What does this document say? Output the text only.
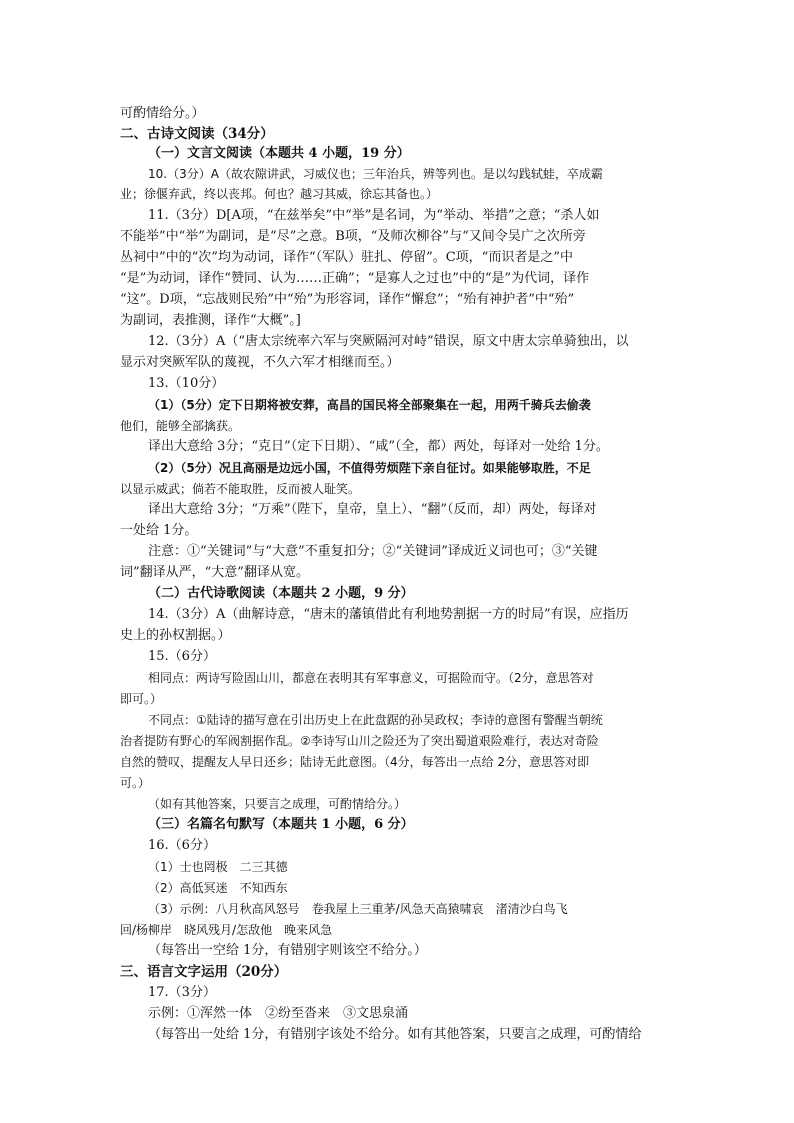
可酌情给分。）
二、古诗文阅读（34分）
（一）文言文阅读（本题共 4 小题，19 分）
10.（3分）A（故农隙讲武，习威仪也；三年治兵，辨等列也。是以勾践轼蛙，卒成霸
业；徐偃弃武，终以丧邦。何也？越习其威，徐忘其备也。）
11.（3分）D[A项，“在兹举矣”中“举”是名词，为“举动、举措”之意；“杀人如
不能举”中“举”为副词，是“尽”之意。B项，“及师次柳谷”与“又间令吴广之次所旁
丛祠中”中的“次”均为动词，译作“（军队）驻扎、停留”。C项，“而识者是之”中
“是”为动词，译作“赞同、认为……正确”；“是寡人之过也”中的“是”为代词，译作
“这”。D项，“忘战则民殆”中“殆”为形容词，译作“懈怠”；“殆有神护者”中“殆”
为副词，表推测，译作“大概”。]
12.（3分）A（“唐太宗统率六军与突厥隔河对峙”错误，原文中唐太宗单骑独出，以
显示对突厥军队的蔑视，不久六军才相继而至。）
13.（10分）
（1）（5分）定下日期将被安葬，高昌的国民将全部聚集在一起，用两千骑兵去偷袭
他们，能够全部擒获。
译出大意给 3分；“克日”（定下日期）、“咸”（全，都）两处，每译对一处给 1分。
（2）（5分）况且高丽是边远小国，不值得劳烦陛下亲自征讨。如果能够取胜，不足
以显示威武；倘若不能取胜，反而被人耻笑。
译出大意给 3分；“万乘”（陛下，皇帝，皇上）、“翻”（反而，却）两处，每译对
一处给 1分。
注意：①“关键词”与“大意”不重复扣分；②“关键词”译成近义词也可；③“关键
词”翻译从严，“大意”翻译从宽。
（二）古代诗歌阅读（本题共 2 小题，9 分）
14.（3分）A（曲解诗意，“唐末的藩镇借此有利地势割据一方的时局”有误，应指历
史上的孙权割据。）
15.（6分）
相同点：两诗写险固山川，都意在表明其有军事意义，可据险而守。（2分，意思答对
即可。）
不同点：①陆诗的描写意在引出历史上在此盘踞的孙吴政权；李诗的意图有警醒当朝统
治者提防有野心的军阀割据作乱。②李诗写山川之险还为了突出蜀道艰险难行，表达对奇险
自然的赞叹，提醒友人早日还乡；陆诗无此意图。（4分，每答出一点给 2分，意思答对即
可。）
（如有其他答案，只要言之成理，可酌情给分。）
（三）名篇名句默写（本题共 1 小题，6 分）
16.（6分）
（1）士也罔极　二三其德
（2）高低冥迷　不知西东
（3）示例：八月秋高风怒号　卷我屋上三重茅/风急天高猿啸哀　渚清沙白鸟飞
回/杨柳岸　晓风残月/怎敌他　晚来风急
（每答出一空给 1分，有错别字则该空不给分。）
三、语言文字运用（20分）
17.（3分）
示例：①浑然一体　②纷至沓来　③文思泉涌
（每答出一处给 1分，有错别字该处不给分。如有其他答案，只要言之成理，可酌情给
